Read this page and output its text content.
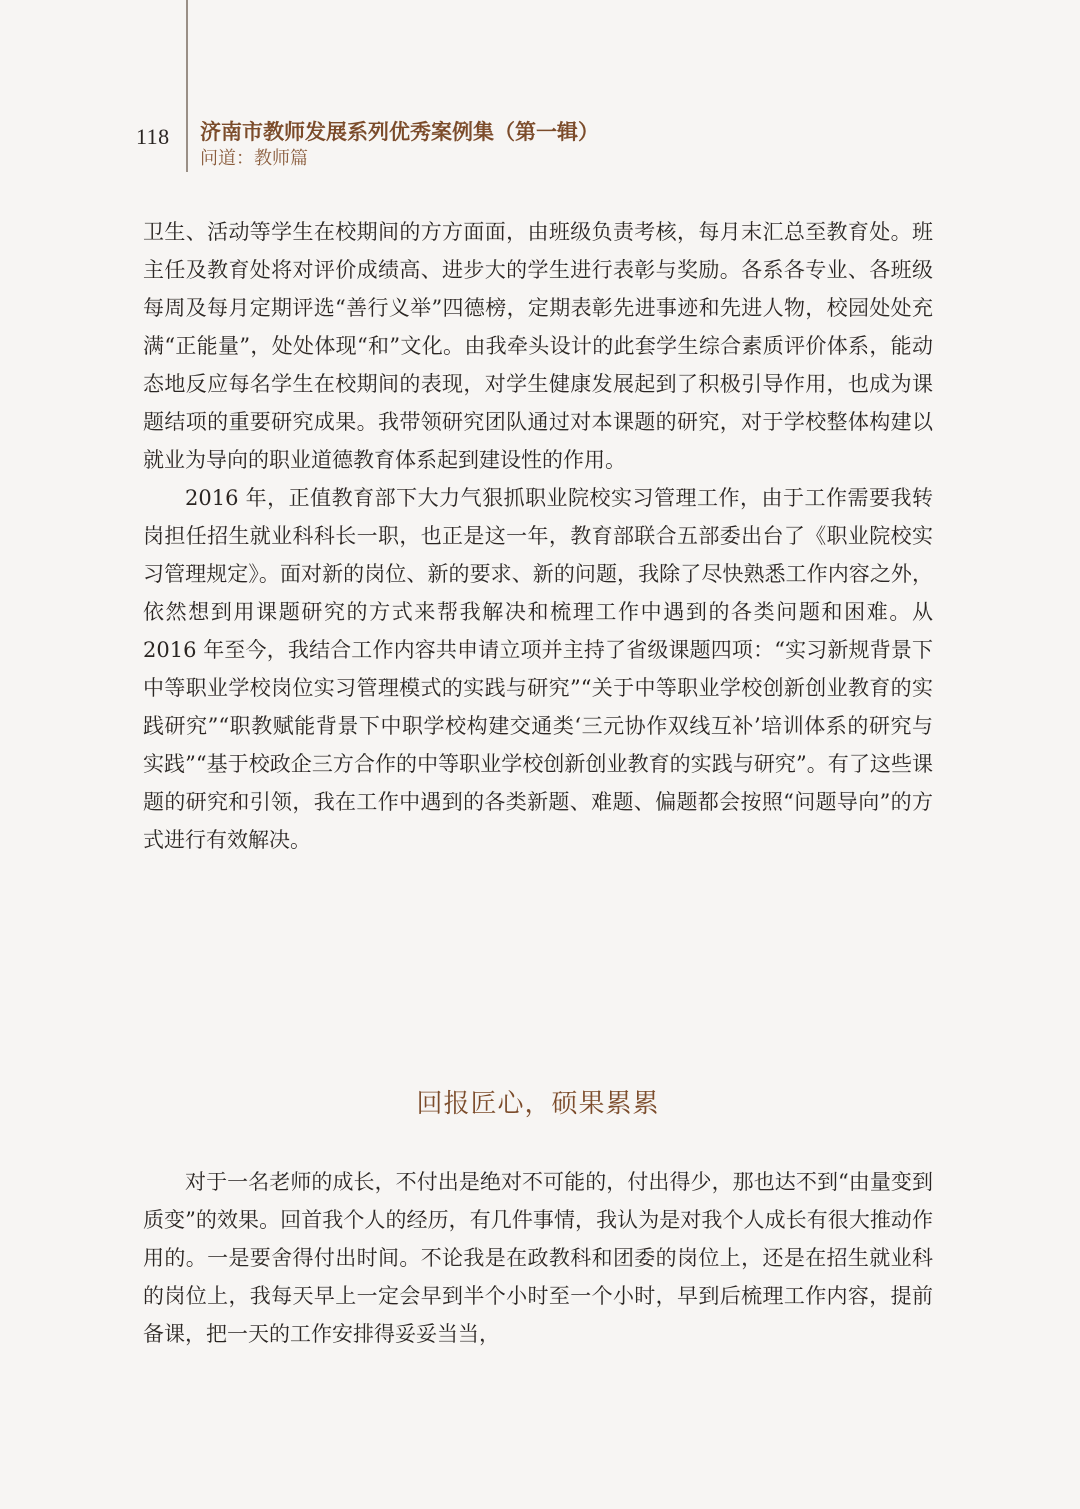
118 济南市教师发展系列优秀案例集（第一辑）
问道：教师篇

卫生、活动等学生在校期间的方方面面，由班级负责考核，每月末汇总至教育处。班主任及教育处将对评价成绩高、进步大的学生进行表彰与奖励。各系各专业、各班级每周及每月定期评选“善行义举”四德榜，定期表彰先进事迹和先进人物，校园处处充满“正能量”，处处体现“和”文化。由我牵头设计的此套学生综合素质评价体系，能动态地反应每名学生在校期间的表现，对学生健康发展起到了积极引导作用，也成为课题结项的重要研究成果。我带领研究团队通过对本课题的研究，对于学校整体构建以就业为导向的职业道德教育体系起到建设性的作用。

2016 年，正值教育部下大力气狠抓职业院校实习管理工作，由于工作需要我转岗担任招生就业科科长一职，也正是这一年，教育部联合五部委出台了《职业院校实习管理规定》。面对新的岗位、新的要求、新的问题，我除了尽快熟悉工作内容之外，依然想到用课题研究的方式来帮我解决和梳理工作中遇到的各类问题和困难。从 2016 年至今，我结合工作内容共申请立项并主持了省级课题四项：“实习新规背景下中等职业学校岗位实习管理模式的实践与研究”“关于中等职业学校创新创业教育的实践研究”“职教赋能背景下中职学校构建交通类‘三元协作双线互补’培训体系的研究与实践”“基于校政企三方合作的中等职业学校创新创业教育的实践与研究”。有了这些课题的研究和引领，我在工作中遇到的各类新题、难题、偏题都会按照“问题导向”的方式进行有效解决。

回报匠心，硕果累累

对于一名老师的成长，不付出是绝对不可能的，付出得少，那也达不到“由量变到质变”的效果。回首我个人的经历，有几件事情，我认为是对我个人成长有很大推动作用的。一是要舍得付出时间。不论我是在政教科和团委的岗位上，还是在招生就业科的岗位上，我每天早上一定会早到半个小时至一个小时，早到后梳理工作内容，提前备课，把一天的工作安排得妥妥当当，
